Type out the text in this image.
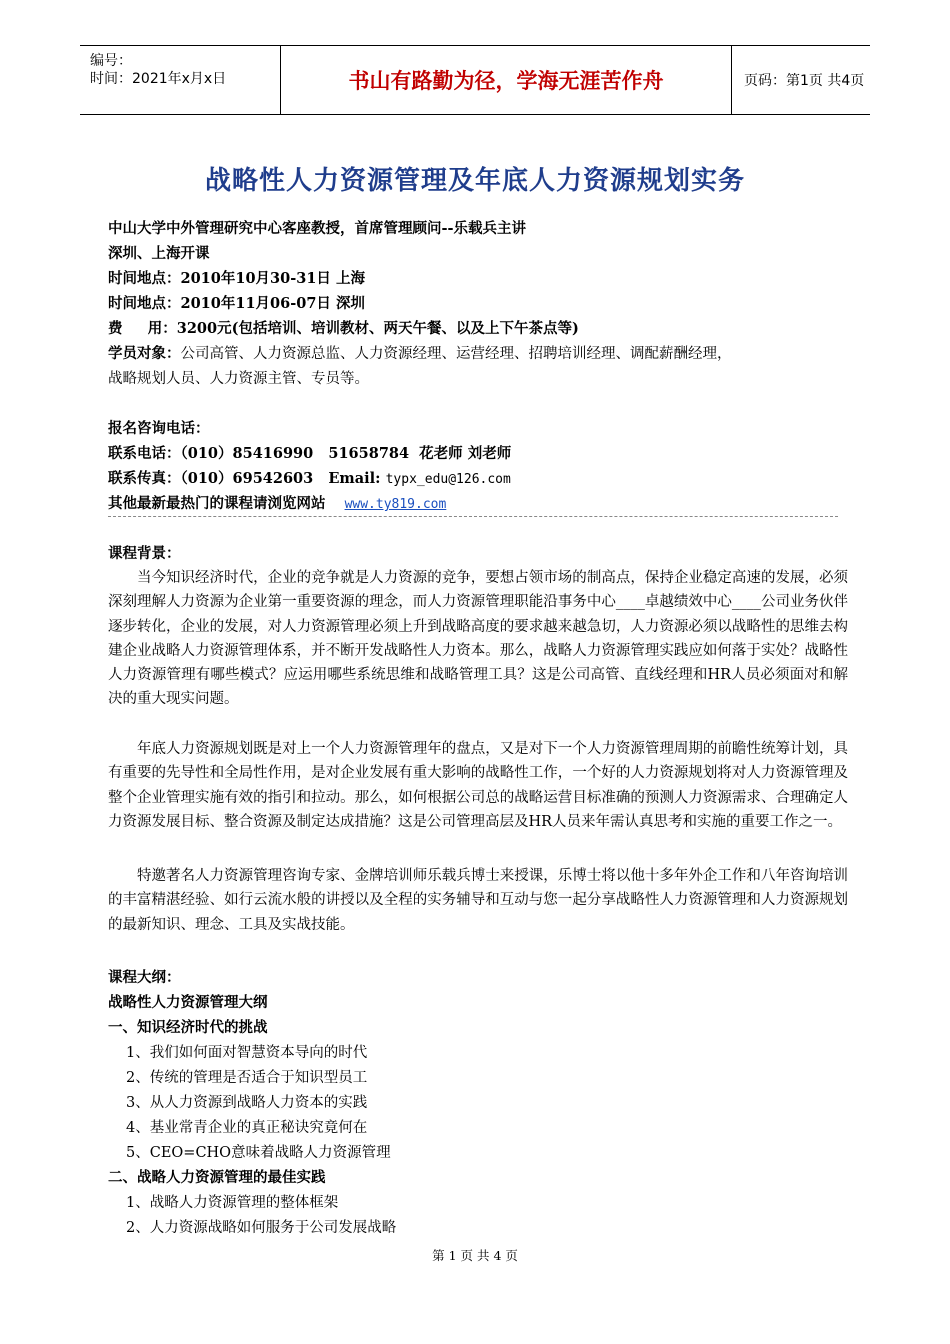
编号：
时间：2021年x月x日	书山有路勤为径，学海无涯苦作舟	页码：第1页 共4页
战略性人力资源管理及年底人力资源规划实务
中山大学中外管理研究中心客座教授，首席管理顾问--乐载兵主讲
深圳、上海开课
时间地点：2010年10月30-31日 上海
时间地点：2010年11月06-07日 深圳
费     用：3200元(包括培训、培训教材、两天午餐、以及上下午茶点等)
学员对象：公司高管、人力资源总监、人力资源经理、运营经理、招聘培训经理、调配薪酬经理，
战略规划人员、人力资源主管、专员等。
报名咨询电话：
联系电话：（010）85416990   51658784  花老师 刘老师
联系传真：（010）69542603   Email: typx_edu@126.com
其他最新最热门的课程请浏览网站 www.ty819.com
课程背景：

当今知识经济时代，企业的竞争就是人力资源的竞争，要想占领市场的制高点，保持企业稳定高速的发展，必须深刻理解人力资源为企业第一重要资源的理念，而人力资源管理职能沿事务中心____卓越绩效中心____公司业务伙伴逐步转化，企业的发展，对人力资源管理必须上升到战略高度的要求越来越急切，人力资源必须以战略性的思维去构建企业战略人力资源管理体系，并不断开发战略性人力资本。那么，战略人力资源管理实践应如何落于实处？战略性人力资源管理有哪些模式？应运用哪些系统思维和战略管理工具？这是公司高管、直线经理和HR人员必须面对和解决的重大现实问题。

年底人力资源规划既是对上一个人力资源管理年的盘点，又是对下一个人力资源管理周期的前瞻性统筹计划，具有重要的先导性和全局性作用，是对企业发展有重大影响的战略性工作，一个好的人力资源规划将对人力资源管理及整个企业管理实施有效的指引和拉动。那么，如何根据公司总的战略运营目标准确的预测人力资源需求、合理确定人力资源发展目标、整合资源及制定达成措施？这是公司管理高层及HR人员来年需认真思考和实施的重要工作之一。

特邀著名人力资源管理咨询专家、金牌培训师乐载兵博士来授课，乐博士将以他十多年外企工作和八年咨询培训的丰富精湛经验、如行云流水般的讲授以及全程的实务辅导和互动与您一起分享战略性人力资源管理和人力资源规划的最新知识、理念、工具及实战技能。

课程大纲：
战略性人力资源管理大纲
一、知识经济时代的挑战
1、我们如何面对智慧资本导向的时代
2、传统的管理是否适合于知识型员工
3、从人力资源到战略人力资本的实践
4、基业常青企业的真正秘诀究竟何在
5、CEO=CHO意味着战略人力资源管理
二、战略人力资源管理的最佳实践
1、战略人力资源管理的整体框架
2、人力资源战略如何服务于公司发展战略
第 1 页 共 4 页
